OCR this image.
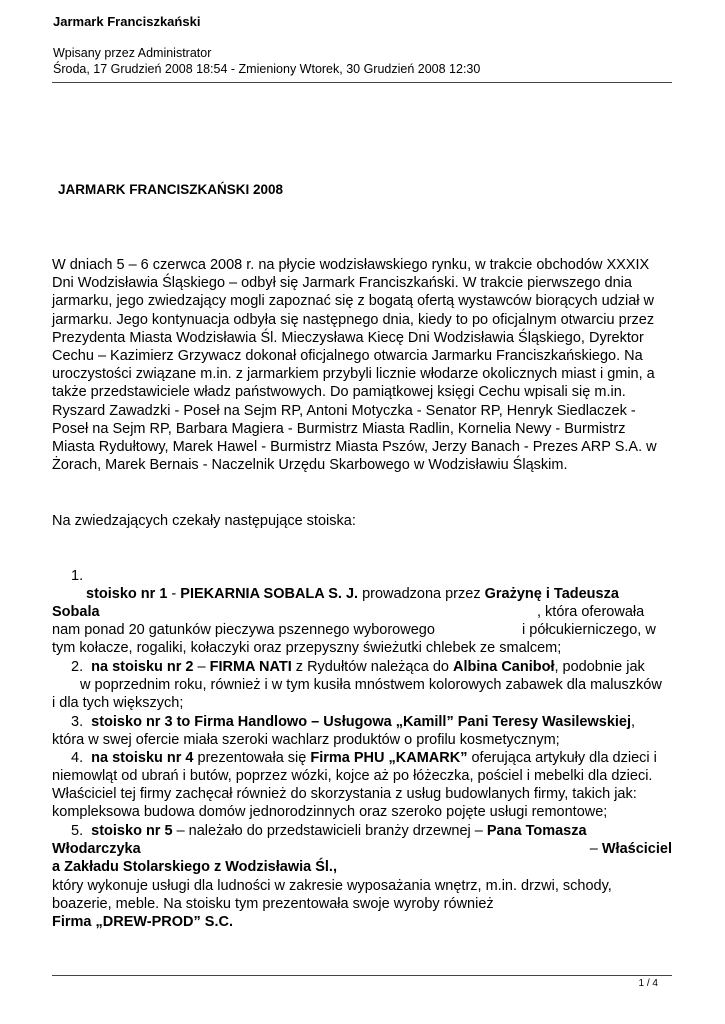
Jarmark Franciszkański
Wpisany przez Administrator
Środa, 17 Grudzień 2008 18:54 - Zmieniony Wtorek, 30 Grudzień 2008 12:30
JARMARK FRANCISZKAŃSKI 2008
W dniach 5 – 6 czerwca 2008 r. na płycie wodzisławskiego rynku, w trakcie obchodów XXXIX
Dni Wodzisławia Śląskiego – odbył się Jarmark Franciszkański. W trakcie pierwszego dnia
jarmarku, jego zwiedzający mogli zapoznać się z bogatą ofertą wystawców biorących udział w
jarmarku. Jego kontynuacja odbyła się następnego dnia, kiedy to po oficjalnym otwarciu przez
Prezydenta Miasta Wodzisławia Śl. Mieczysława Kiecę Dni Wodzisławia Śląskiego, Dyrektor
Cechu – Kazimierz Grzywacz dokonał oficjalnego otwarcia Jarmarku Franciszkańskiego. Na
uroczystości związane m.in. z jarmarkiem przybyli licznie włodarze okolicznych miast i gmin, a
także przedstawiciele władz państwowych. Do pamiątkowej księgi Cechu wpisali się m.in.
Ryszard Zawadzki - Poseł na Sejm RP, Antoni Motyczka - Senator RP, Henryk Siedlaczek -
Poseł na Sejm RP, Barbara Magiera - Burmistrz Miasta Radlin, Kornelia Newy - Burmistrz
Miasta Rydułtowy, Marek Hawel - Burmistrz Miasta Pszów, Jerzy Banach - Prezes ARP S.A. w
Żorach, Marek Bernais - Naczelnik Urzędu Skarbowego w Wodzisławiu Śląskim.
Na zwiedzających czekały następujące stoiska:
1.
stoisko nr 1 - PIEKARNIA SOBALA S. J. prowadzona przez Grażynę i Tadeusza
Sobala	, która oferowała
nam ponad 20 gatunków pieczywa pszennego wyborowego	i półcukierniczego, w
tym kołacze, rogaliki, kołaczyki oraz przepyszny świeżutki chlebek ze smalcem;
2. na stoisku nr 2 – FIRMA NATI z Rydułtów należąca do Albina Caniboł, podobnie jak
w poprzednim roku, również i w tym kusiła mnóstwem kolorowych zabawek dla maluszków
i dla tych większych;
3. stoisko nr 3 to Firma Handlowo – Usługowa „Kamill” Pani Teresy Wasilewskiej,
która w swej ofercie miała szeroki wachlarz produktów o profilu kosmetycznym;
4. na stoisku nr 4 prezentowała się Firma PHU „KAMARK” oferująca artykuły dla dzieci i
niemowląt od ubrań i butów, poprzez wózki, kojce aż po łóżeczka, pościel i mebelki dla dzieci.
Właściciel tej firmy zachęcał również do skorzystania z usług budowlanych firmy, takich jak:
kompleksowa budowa domów jednorodzinnych oraz szeroko pojęte usługi remontowe;
5. stoisko nr 5 – należało do przedstawicieli branży drzewnej – Pana Tomasza
Włodarczyka	– Właściciel
a Zakładu Stolarskiego z Wodzisławia Śl.,
który wykonuje usługi dla ludności w zakresie wyposażania wnętrz, m.in. drzwi, schody,
boazerie, meble. Na stoisku tym prezentowała swoje wyroby również
Firma „DREW-PROD” S.C.
1 / 4
